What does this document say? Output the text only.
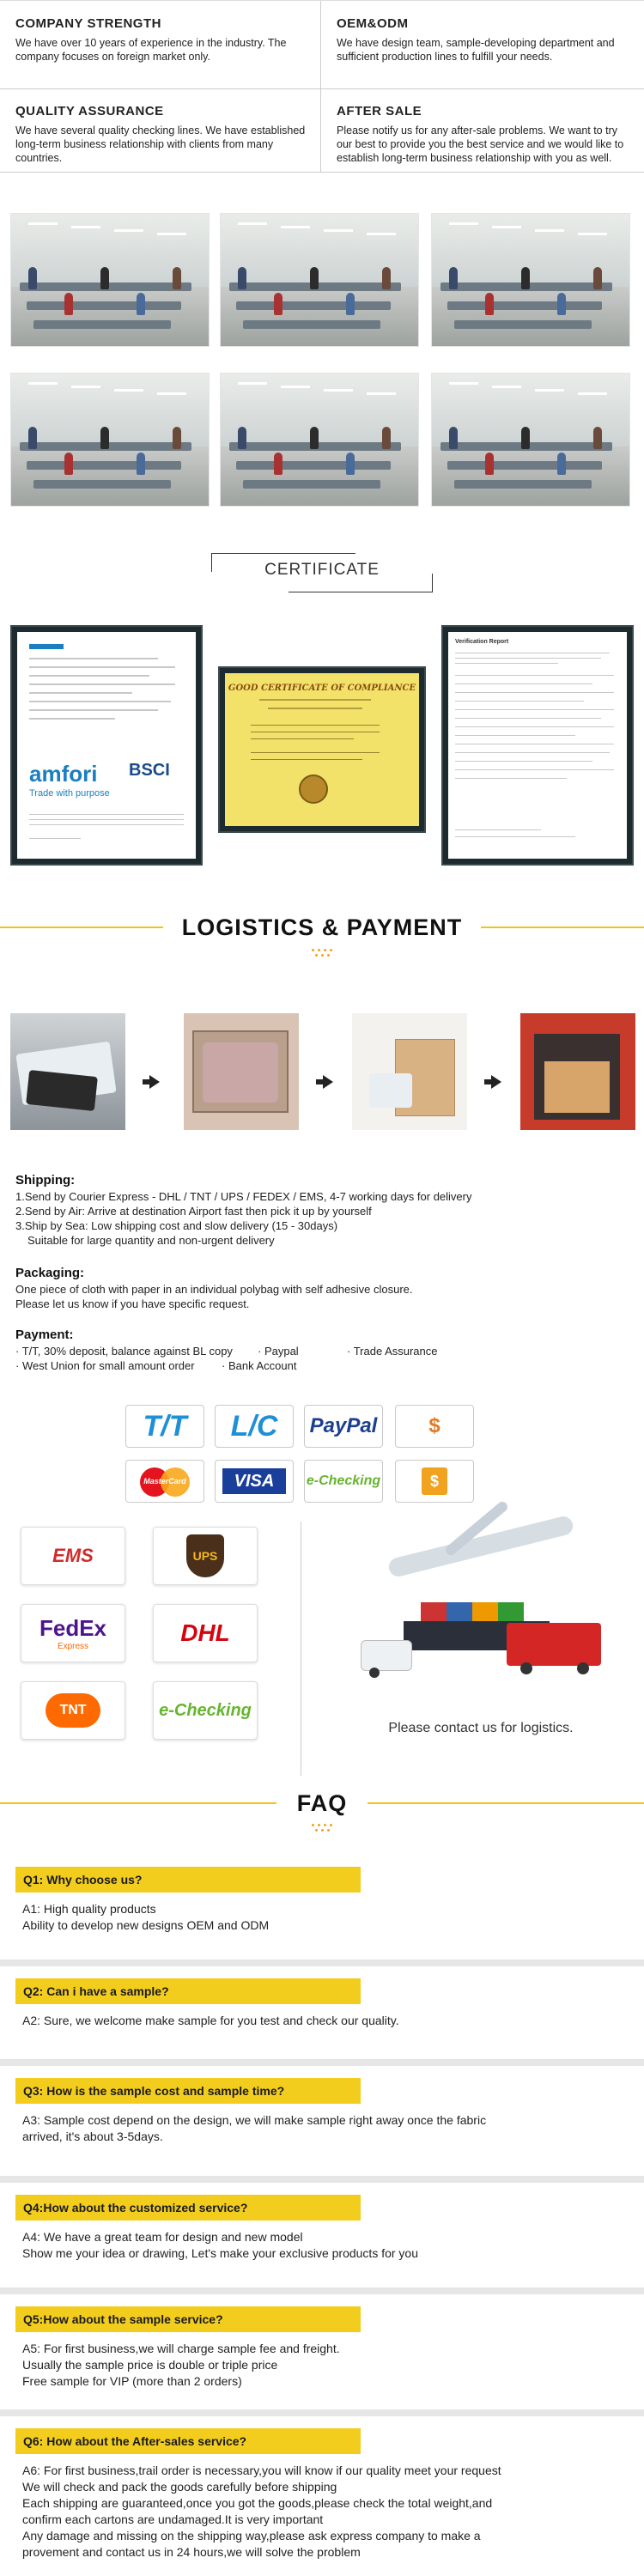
COMPANY STRENGTH

We have over 10 years of experience in the industry. The company focuses on foreign market only.

OEM&ODM

We have design team, sample-developing department and sufficient production lines to fulfill your needs.

QUALITY ASSURANCE

We have several quality checking lines. We have established long-term business relationship with clients from many countries.

AFTER SALE

Please notify us for any after-sale problems. We want to try our best to provide you the best service and we would like to establish long-term business relationship with you as well.

CERTIFICATE
amfori BSCI
Trade with purpose
GOOD CERTIFICATE OF COMPLIANCE
Verification Report
LOGISTICS & PAYMENT
Shipping:
1.Send by Courier Express - DHL / TNT / UPS / FEDEX / EMS, 4-7 working days for delivery
2.Send by Air: Arrive at destination Airport fast then pick it up by yourself
3.Ship by Sea: Low shipping cost and slow delivery (15 - 30days)
Suitable for large quantity and non-urgent delivery
Packaging:
One piece of cloth with paper in an individual polybag with self adhesive closure.
Please let us know if you have specific request.
Payment:
· T/T, 30% deposit, balance against BL copy	· Paypal	· Trade Assurance
· West Union for small amount order	· Bank Account
T/T	L/C	PayPal	$
MasterCard	VISA	e-Checking	$
EMS	UPS
FedEx
Express
DHL
TNT	e-Checking
Please contact us for logistics.
FAQ
Q1: Why choose us?
A1: High quality products
Ability to develop new designs OEM and ODM
Q2: Can i have a sample?
A2: Sure, we welcome make sample for you test and check our quality.
Q3: How is the sample cost and sample time?
A3: Sample cost depend on the design, we will make sample right away once the fabric
arrived, it's about 3-5days.
Q4:How about the customized service?
A4: We have a great team for design and new model
Show me your idea or drawing, Let's make your exclusive products for you
Q5:How about the sample service?
A5: For first business,we will charge sample fee and freight.
Usually the sample price is double or triple price
Free sample for VIP (more than 2 orders)
Q6: How about the After-sales service?
A6: For first business,trail order is necessary,you will know if our quality meet your request
We will check and pack the goods carefully before shipping
Each shipping are guaranteed,once you got the goods,please check the total weight,and
confirm each cartons are undamaged.It is very important
Any damage and missing on the shipping way,please ask express company to make a
provement and contact us in 24 hours,we will solve the problem
